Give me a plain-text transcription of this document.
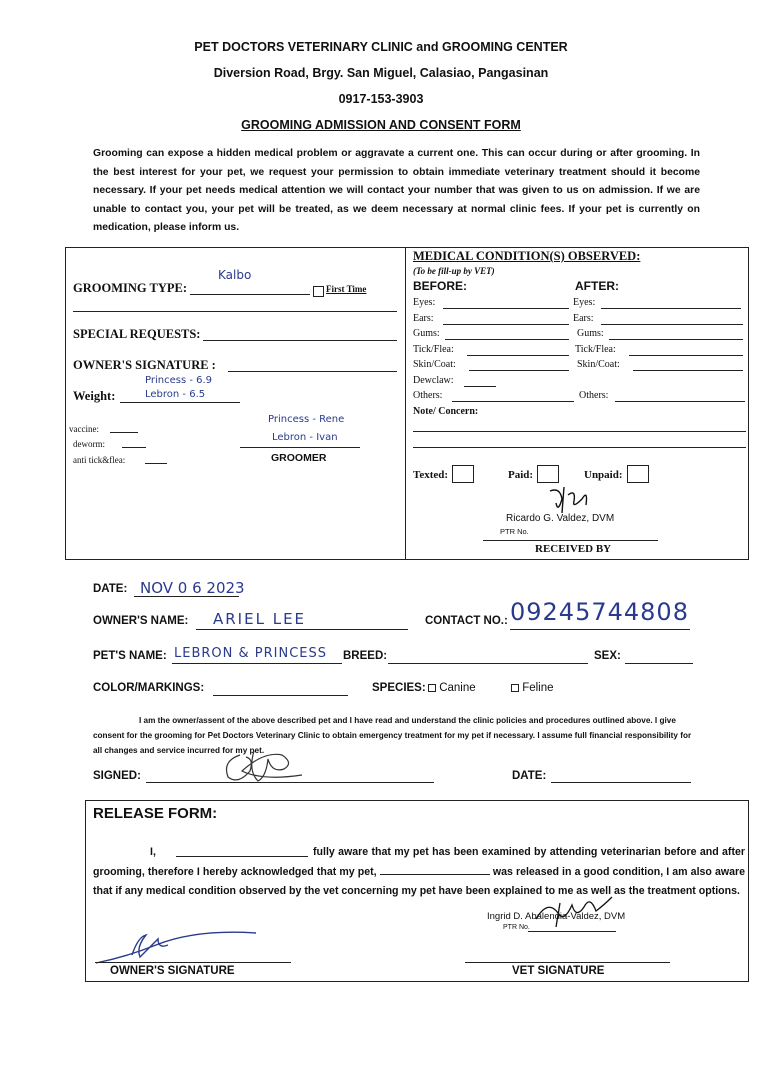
PET DOCTORS VETERINARY CLINIC and GROOMING CENTER
Diversion Road, Brgy. San Miguel, Calasiao, Pangasinan
0917-153-3903
GROOMING ADMISSION AND CONSENT FORM
Grooming can expose a hidden medical problem or aggravate a current one. This can occur during or after grooming. In the best interest for your pet, we request your permission to obtain immediate veterinary treatment should it become necessary. If your pet needs medical attention we will contact your number that was given to us on admission. If we are unable to contact you, your pet will be treated, as we deem necessary at normal clinic fees. If your pet is currently on medication, please inform us.
GROOMING TYPE:
Kalbo
First Time
SPECIAL REQUESTS:
OWNER'S SIGNATURE :
Weight:
Princess - 6.9
Lebron - 6.5
vaccine:
deworm:
anti tick&flea:
Princess - Rene
Lebron - Ivan
GROOMER
MEDICAL CONDITION(S) OBSERVED:
(To be fill-up by VET)
BEFORE:	AFTER:
Eyes:	Eyes:
Ears:	Ears:
Gums:	Gums:
Tick/Flea:	Tick/Flea:
Skin/Coat:	Skin/Coat:
Dewclaw:
Others:	Others:
Note/ Concern:
Texted:	Paid:	Unpaid:
Ricardo G. Valdez, DVM
PTR No.
RECEIVED BY
DATE: NOV 0 6 2023
OWNER'S NAME: ARIEL LEE	CONTACT NO.: 09245744808
PET'S NAME: LEBRON & PRINCESS BREED:	SEX:
COLOR/MARKINGS:	SPECIES:	Canine	Feline
I am the owner/assent of the above described pet and I have read and understand the clinic policies and procedures outlined above. I give consent for the grooming for Pet Doctors Veterinary Clinic to obtain emergency treatment for my pet if necessary. I assume full financial responsibility for all changes and service incurred for my pet.
SIGNED:	DATE:
RELEASE FORM:
I,	fully aware that my pet has been examined by attending veterinarian before and after grooming, therefore I hereby acknowledged that my pet,	was released in a good condition, I am also aware that if any medical condition observed by the vet concerning my pet have been explained to me as well as the treatment options.
Ingrid D. Abalendia-Valdez, DVM
PTR No.
OWNER'S SIGNATURE	VET SIGNATURE
